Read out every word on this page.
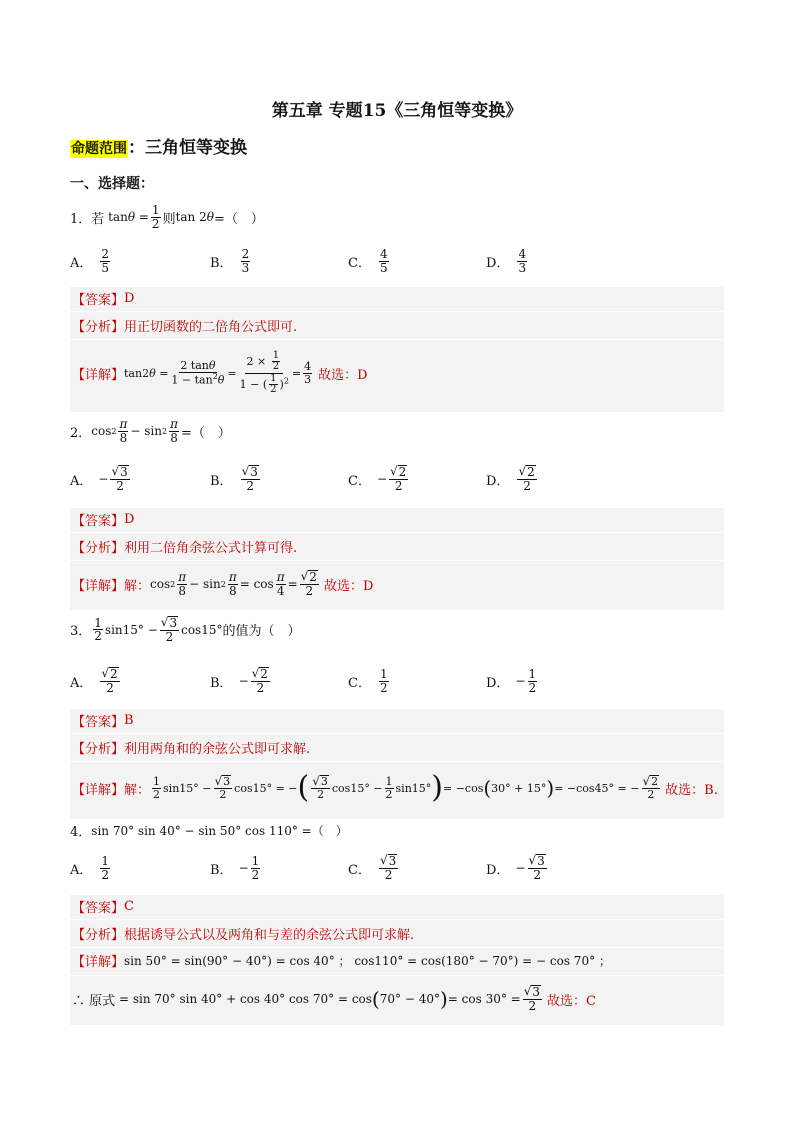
第五章 专题15《三角恒等变换》
命题范围：三角恒等变换
一、选择题：
1．若 $\tan \theta = \frac{1}{2}$ 则 tan 2 θ =（　）
A． $\frac{2}{5}$	B． $\frac{2}{3}$	C． $\frac{4}{5}$	D． $\frac{4}{3}$
【答案】 D
【分析】 用正切函数的二倍角公式即可.
【详解】 tan2 $\theta = \frac{2 \tan\theta}{1 - \tan^2\theta} = \frac{2 \times \frac{1}{2}}{1 - ( \frac{1}{2} )^2} = \frac{4}{3}$ 故选：D
2． $\cos 2 \frac{\pi}{8} - \sin 2 \frac{\pi}{8}$ =（　）
A． − $\frac{√ 3}{2}$	B． $\frac{√ 3}{2}$	C． − $\frac{√ 2}{2}$	D． $\frac{√ 2}{2}$
【答案】 D
【分析】 利用二倍角余弦公式计算可得.
【详解】 解： $\cos 2 \frac{\pi}{8} - \sin 2 \frac{\pi}{8} = \cos \frac{\pi}{4} = \frac{√ 2}{2}$ 故选：D
3． $\frac{1}{2} \sin 15^\circ - \frac{√ 3}{2} \cos 15^\circ$ 的值为（　）
A． $\frac{√ 2}{2}$	B． − $\frac{√ 2}{2}$	C． $\frac{1}{2}$	D． − $\frac{1}{2}$
【答案】 B
【分析】 利用两角和的余弦公式即可求解.
【详解】 解： $\frac{1}{2} \sin 15^\circ - \frac{√ 3}{2} \cos 15^\circ$ = − ( $\frac{√ 3}{2} \cos 15^\circ - \frac{1}{2} \sin 15^\circ$ ) = −cos ( 30° + 15° ) = −cos45° = − $\frac{√ 2}{2}$ 故选：B.
4． sin 70° sin 40° − sin 50° cos 110° =（　）
A． $\frac{1}{2}$	B． − $\frac{1}{2}$	C． $\frac{√ 3}{2}$	D． − $\frac{√ 3}{2}$
【答案】 C
【分析】 根据诱导公式以及两角和与差的余弦公式即可求解.
【详解】 sin 50° = sin(90° − 40°) = cos 40° ； cos110° = cos(180° − 70°) = − cos 70° ；
∴ 原式 = sin 70° sin 40° + cos 40° cos 70° = cos ( 70° − 40° ) = $\cos 30^\circ = \frac{√ 3}{2}$ 故选：C
